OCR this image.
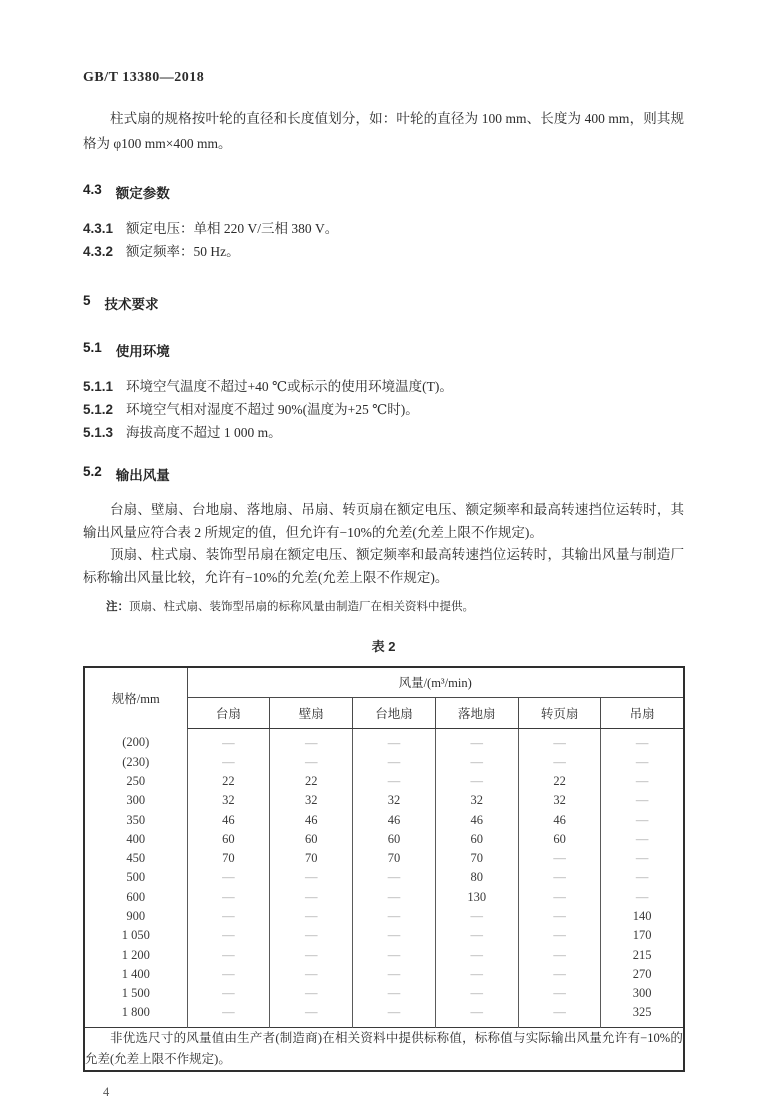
GB/T 13380—2018

柱式扇的规格按叶轮的直径和长度值划分，如：叶轮的直径为 100 mm、长度为 400 mm，则其规格为 φ100 mm×400 mm。

4.3 额定参数

4.3.1 额定电压：单相 220 V/三相 380 V。

4.3.2 额定频率：50 Hz。

5 技术要求
5.1 使用环境

5.1.1 环境空气温度不超过+40 ℃或标示的使用环境温度(T)。

5.1.2 环境空气相对湿度不超过 90%(温度为+25 ℃时)。

5.1.3 海拔高度不超过 1 000 m。

5.2 输出风量

台扇、壁扇、台地扇、落地扇、吊扇、转页扇在额定电压、额定频率和最高转速挡位运转时，其输出风量应符合表 2 所规定的值，但允许有−10%的允差(允差上限不作规定)。

顶扇、柱式扇、装饰型吊扇在额定电压、额定频率和最高转速挡位运转时，其输出风量与制造厂标称输出风量比较，允许有−10%的允差(允差上限不作规定)。

注：顶扇、柱式扇、装饰型吊扇的标称风量由制造厂在相关资料中提供。

表 2

规格/mm	风量/(m³/min)					
	台扇	壁扇	台地扇	落地扇	转页扇	吊扇
(200)	—	—	—	—	—	—
(230)	—	—	—	—	—	—
250	22	22	—	—	22	—
300	32	32	32	32	32	—
350	46	46	46	46	46	—
400	60	60	60	60	60	—
450	70	70	70	70	—	—
500	—	—	—	80	—	—
600	—	—	—	130	—	—
900	—	—	—	—	—	140
1 050	—	—	—	—	—	170
1 200	—	—	—	—	—	215
1 400	—	—	—	—	—	270
1 500	—	—	—	—	—	300
1 800	—	—	—	—	—	325

非优选尺寸的风量值由生产者(制造商)在相关资料中提供标称值，标称值与实际输出风量允许有−10%的允差(允差上限不作规定)。						

4
